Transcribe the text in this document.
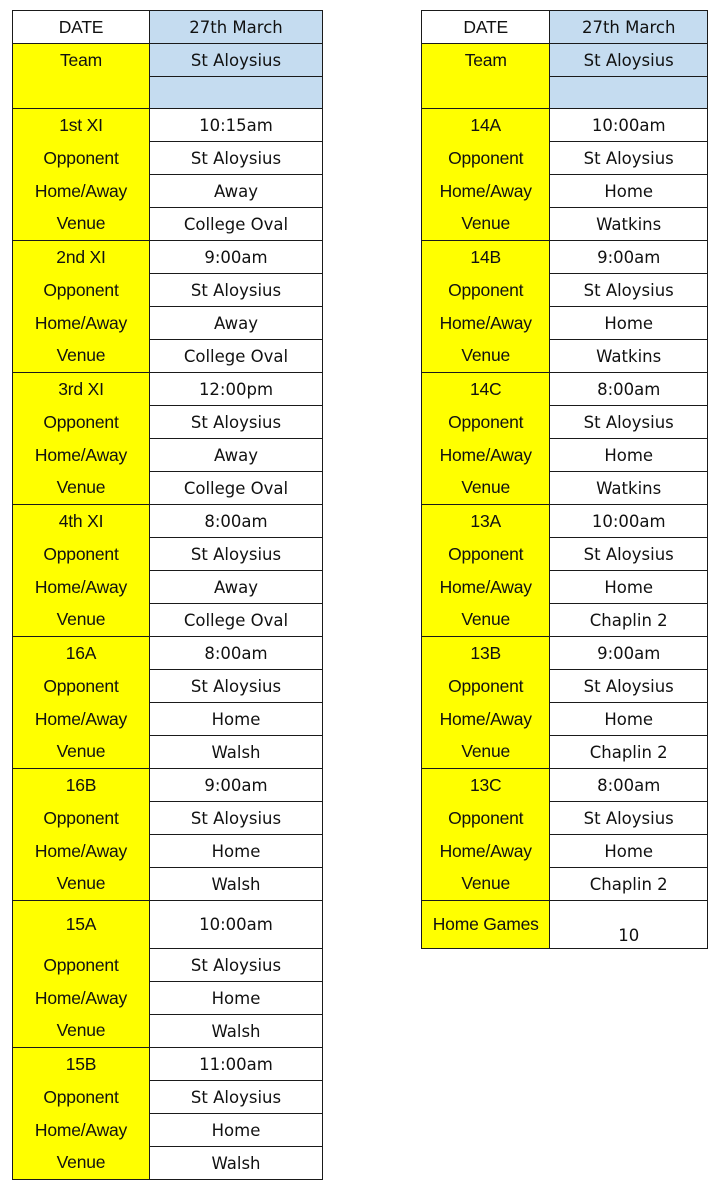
DATE	27th March
Team	St Aloysius

1st XI	10:15am
Opponent	St Aloysius
Home/Away	Away
Venue	College Oval
2nd XI	9:00am
Opponent	St Aloysius
Home/Away	Away
Venue	College Oval
3rd XI	12:00pm
Opponent	St Aloysius
Home/Away	Away
Venue	College Oval
4th XI	8:00am
Opponent	St Aloysius
Home/Away	Away
Venue	College Oval
16A	8:00am
Opponent	St Aloysius
Home/Away	Home
Venue	Walsh
16B	9:00am
Opponent	St Aloysius
Home/Away	Home
Venue	Walsh
15A	10:00am
Opponent	St Aloysius
Home/Away	Home
Venue	Walsh
15B	11:00am
Opponent	St Aloysius
Home/Away	Home
Venue	Walsh
DATE	27th March
Team	St Aloysius

14A	10:00am
Opponent	St Aloysius
Home/Away	Home
Venue	Watkins
14B	9:00am
Opponent	St Aloysius
Home/Away	Home
Venue	Watkins
14C	8:00am
Opponent	St Aloysius
Home/Away	Home
Venue	Watkins
13A	10:00am
Opponent	St Aloysius
Home/Away	Home
Venue	Chaplin 2
13B	9:00am
Opponent	St Aloysius
Home/Away	Home
Venue	Chaplin 2
13C	8:00am
Opponent	St Aloysius
Home/Away	Home
Venue	Chaplin 2
Home Games	10
